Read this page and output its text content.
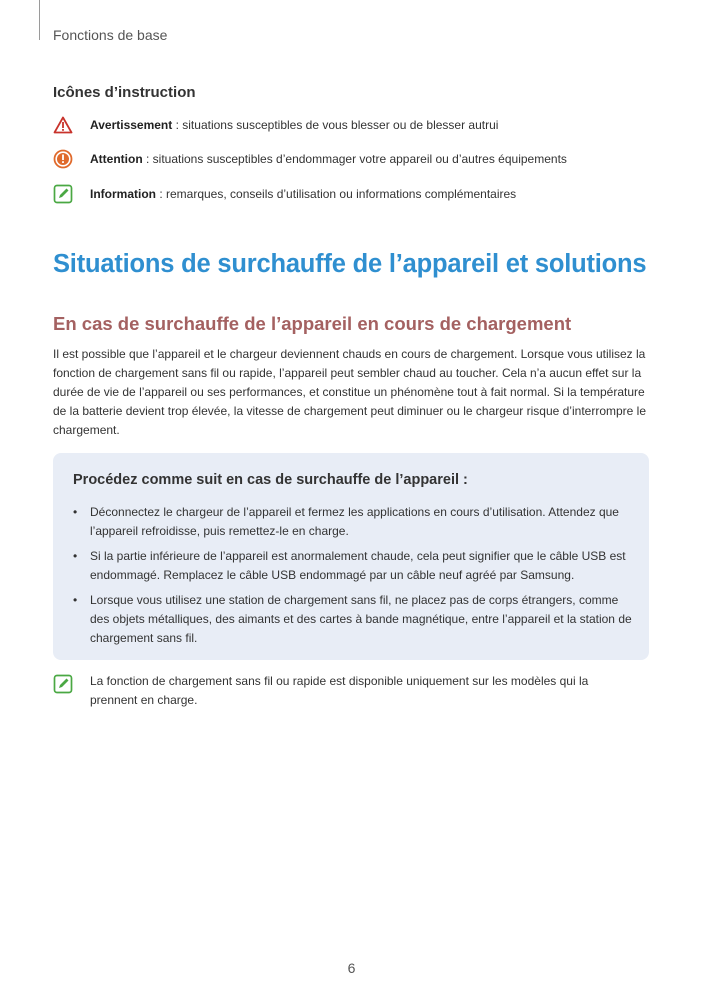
Fonctions de base
Icônes d’instruction
Avertissement : situations susceptibles de vous blesser ou de blesser autrui
Attention : situations susceptibles d’endommager votre appareil ou d’autres équipements
Information : remarques, conseils d’utilisation ou informations complémentaires
Situations de surchauffe de l’appareil et solutions
En cas de surchauffe de l’appareil en cours de chargement

Il est possible que l’appareil et le chargeur deviennent chauds en cours de chargement. Lorsque vous utilisez la fonction de chargement sans fil ou rapide, l’appareil peut sembler chaud au toucher. Cela n’a aucun effet sur la durée de vie de l’appareil ou ses performances, et constitue un phénomène tout à fait normal. Si la température de la batterie devient trop élevée, la vitesse de chargement peut diminuer ou le chargeur risque d’interrompre le chargement.

Procédez comme suit en cas de surchauffe de l’appareil :
• Déconnectez le chargeur de l’appareil et fermez les applications en cours d’utilisation. Attendez que l’appareil refroidisse, puis remettez-le en charge.
• Si la partie inférieure de l’appareil est anormalement chaude, cela peut signifier que le câble USB est endommagé. Remplacez le câble USB endommagé par un câble neuf agréé par Samsung.
• Lorsque vous utilisez une station de chargement sans fil, ne placez pas de corps étrangers, comme des objets métalliques, des aimants et des cartes à bande magnétique, entre l’appareil et la station de chargement sans fil.

La fonction de chargement sans fil ou rapide est disponible uniquement sur les modèles qui la prennent en charge.

6
